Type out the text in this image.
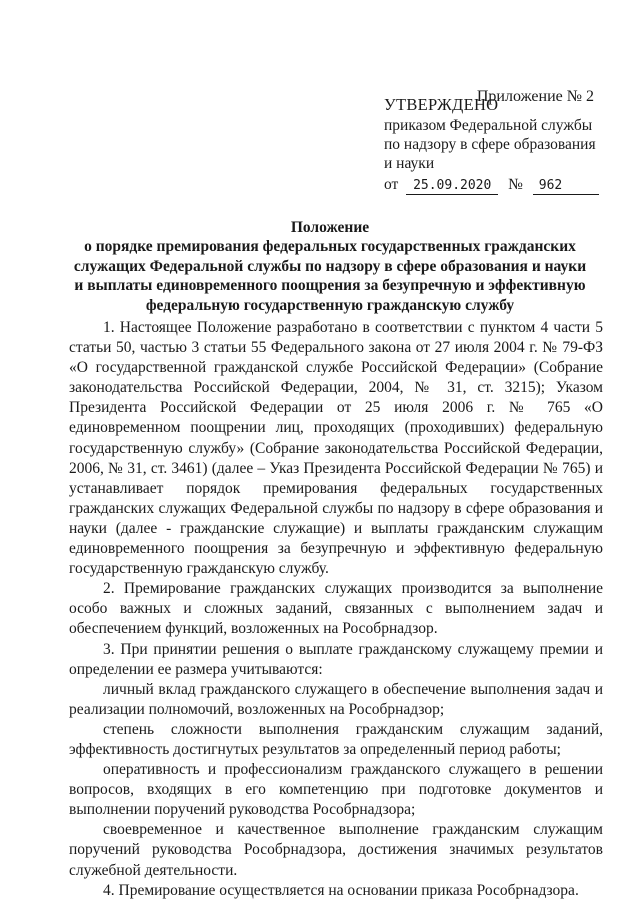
Приложение № 2
УТВЕРЖДЕНО
приказом Федеральной службы
по надзору в сфере образования
и науки
от 25.09.2020 № 962
Положение
о порядке премирования федеральных государственных гражданских
служащих Федеральной службы по надзору в сфере образования и науки
и выплаты единовременного поощрения за безупречную и эффективную
федеральную государственную гражданскую службу

1. Настоящее Положение разработано в соответствии с пунктом 4 части 5 статьи 50, частью 3 статьи 55 Федерального закона от 27 июля 2004 г. № 79-ФЗ «О государственной гражданской службе Российской Федерации» (Собрание законодательства Российской Федерации, 2004, № 31, ст. 3215); Указом Президента Российской Федерации от 25 июля 2006 г. № 765 «О единовременном поощрении лиц, проходящих (проходивших) федеральную государственную службу» (Собрание законодательства Российской Федерации, 2006, № 31, ст. 3461) (далее – Указ Президента Российской Федерации № 765) и устанавливает порядок премирования федеральных государственных гражданских служащих Федеральной службы по надзору в сфере образования и науки (далее - гражданские служащие) и выплаты гражданским служащим единовременного поощрения за безупречную и эффективную федеральную государственную гражданскую службу.

2. Премирование гражданских служащих производится за выполнение особо важных и сложных заданий, связанных с выполнением задач и обеспечением функций, возложенных на Рособрнадзор.

3. При принятии решения о выплате гражданскому служащему премии и определении ее размера учитываются:

личный вклад гражданского служащего в обеспечение выполнения задач и реализации полномочий, возложенных на Рособрнадзор;

степень сложности выполнения гражданским служащим заданий, эффективность достигнутых результатов за определенный период работы;

оперативность и профессионализм гражданского служащего в решении вопросов, входящих в его компетенцию при подготовке документов и выполнении поручений руководства Рособрнадзора;

своевременное и качественное выполнение гражданским служащим поручений руководства Рособрнадзора, достижения значимых результатов служебной деятельности.

4. Премирование осуществляется на основании приказа Рособрнадзора.
